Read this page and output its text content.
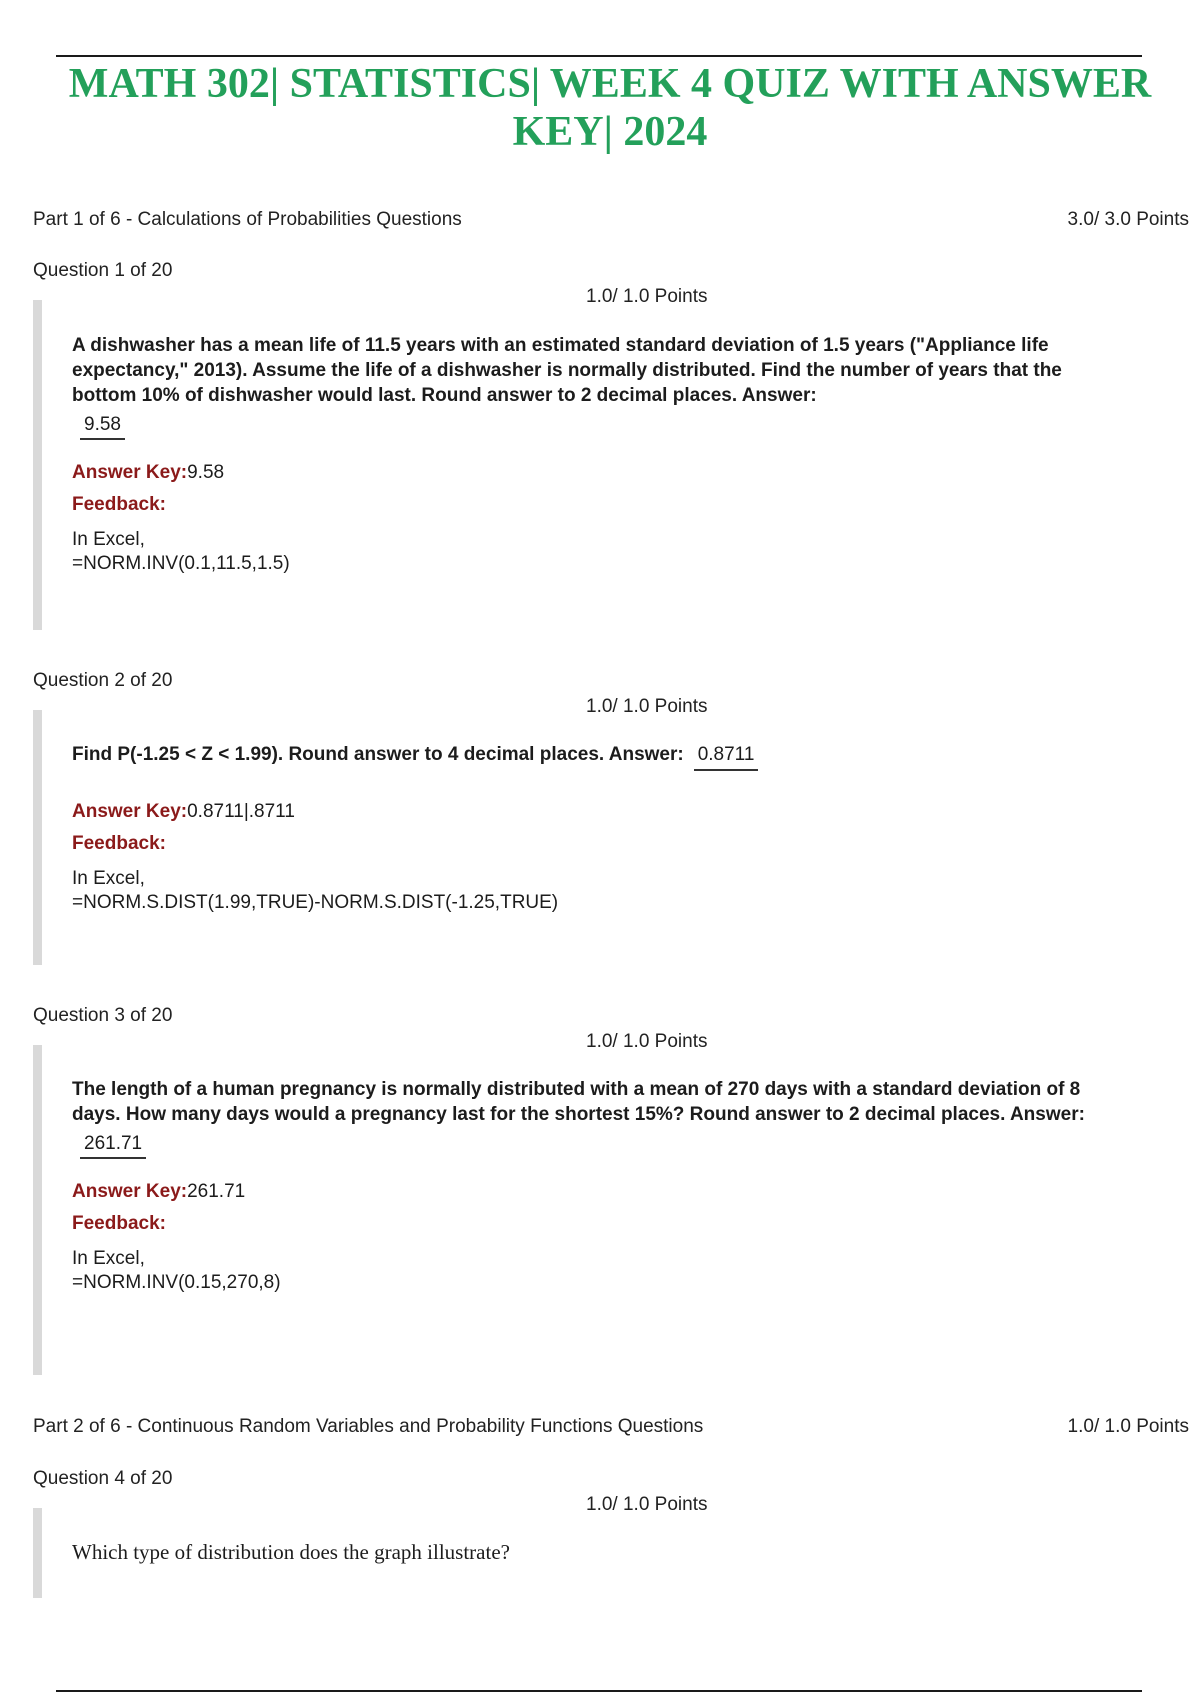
MATH 302| STATISTICS| WEEK 4 QUIZ WITH ANSWER KEY| 2024
Part 1 of 6 - Calculations of Probabilities Questions	3.0/ 3.0 Points
Question 1 of 20
1.0/ 1.0 Points

A dishwasher has a mean life of 11.5 years with an estimated standard deviation of 1.5 years ("Appliance life expectancy," 2013). Assume the life of a dishwasher is normally distributed. Find the number of years that the bottom 10% of dishwasher would last. Round answer to 2 decimal places. Answer:

9.58
Answer Key:9.58
Feedback:
In Excel,
=NORM.INV(0.1,11.5,1.5)
Question 2 of 20
1.0/ 1.0 Points

Find P(-1.25 < Z < 1.99). Round answer to 4 decimal places. Answer: 0.8711

Answer Key:0.8711|.8711
Feedback:
In Excel,
=NORM.S.DIST(1.99,TRUE)-NORM.S.DIST(-1.25,TRUE)
Question 3 of 20
1.0/ 1.0 Points

The length of a human pregnancy is normally distributed with a mean of 270 days with a standard deviation of 8 days. How many days would a pregnancy last for the shortest 15%? Round answer to 2 decimal places. Answer:

261.71
Answer Key:261.71
Feedback:
In Excel,
=NORM.INV(0.15,270,8)
Part 2 of 6 - Continuous Random Variables and Probability Functions Questions	1.0/ 1.0 Points
Question 4 of 20
1.0/ 1.0 Points

Which type of distribution does the graph illustrate?
